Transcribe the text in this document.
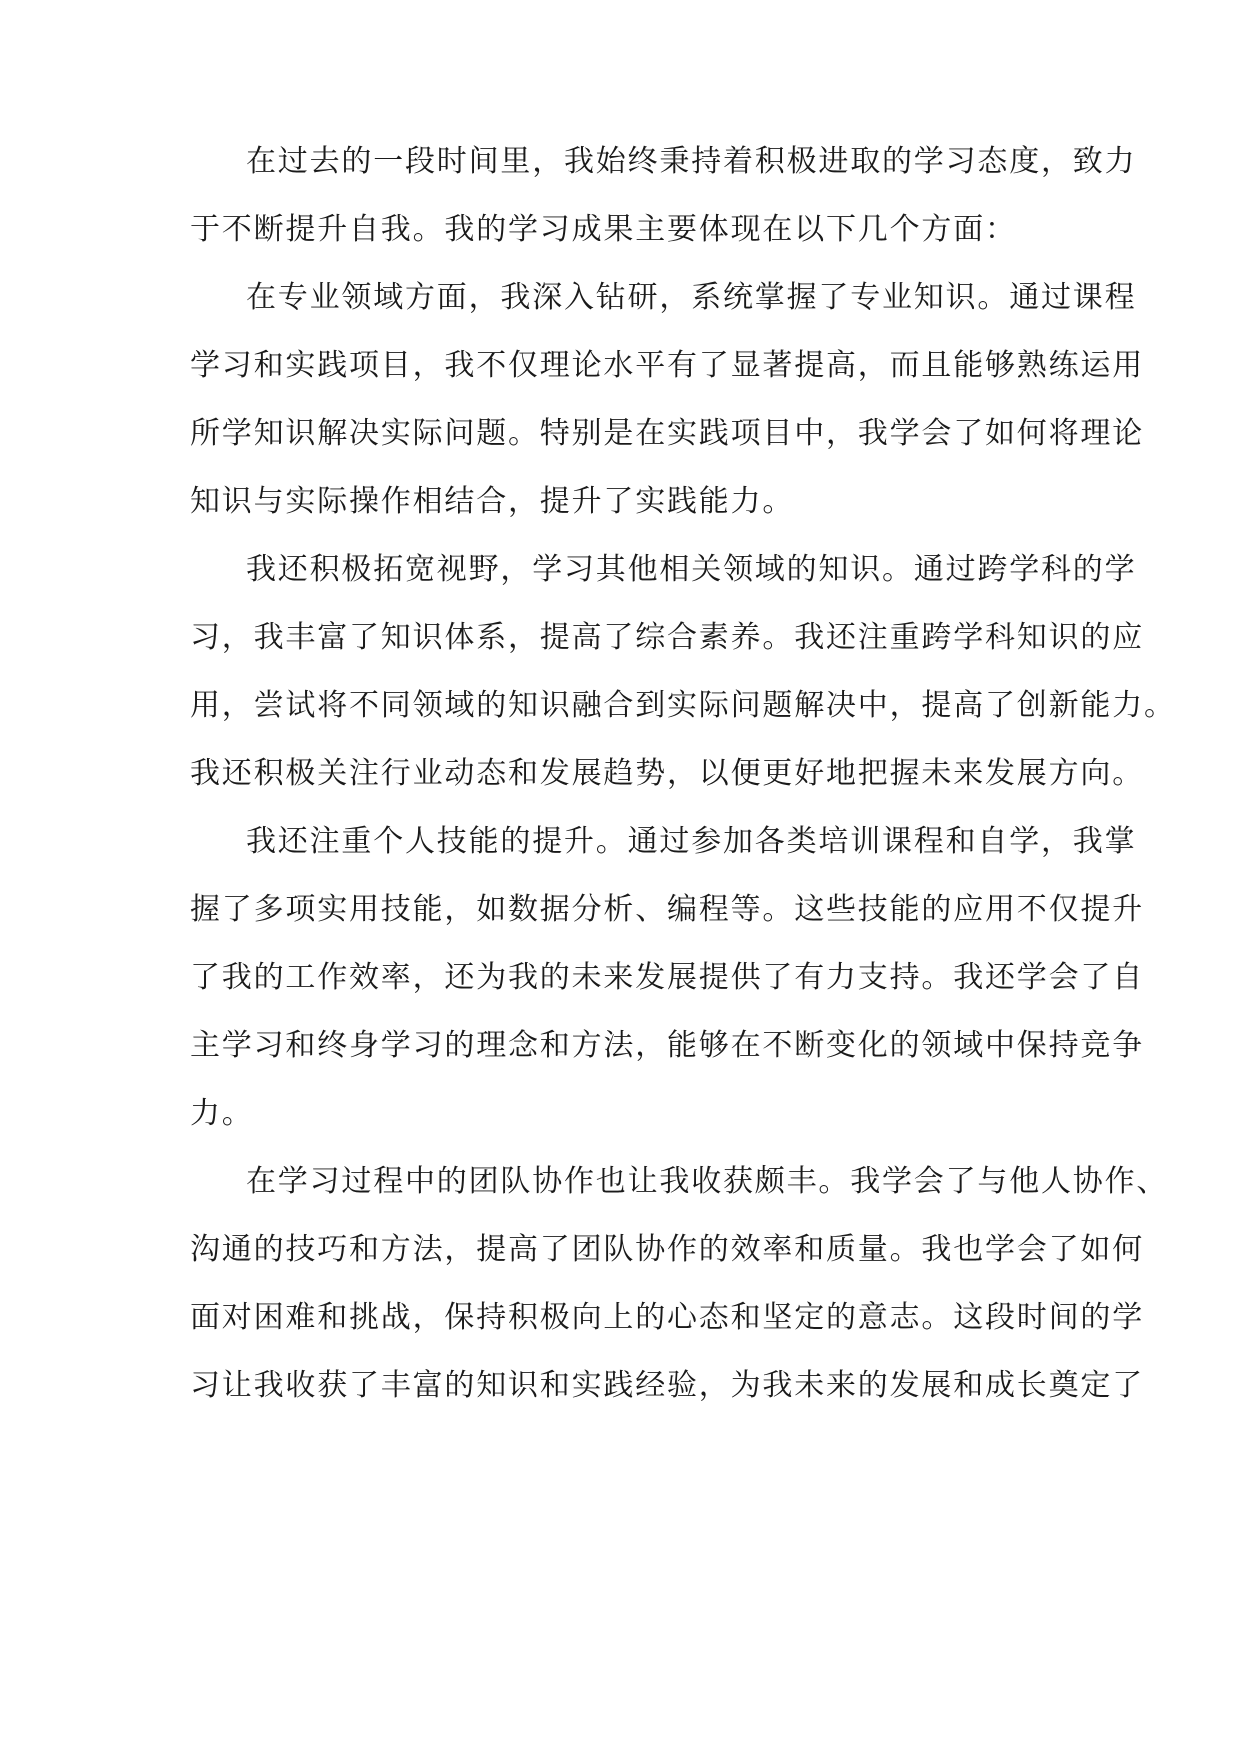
在过去的一段时间里，我始终秉持着积极进取的学习态度，致力
于不断提升自我。我的学习成果主要体现在以下几个方面：
在专业领域方面，我深入钻研，系统掌握了专业知识。通过课程
学习和实践项目，我不仅理论水平有了显著提高，而且能够熟练运用
所学知识解决实际问题。特别是在实践项目中，我学会了如何将理论
知识与实际操作相结合，提升了实践能力。
我还积极拓宽视野，学习其他相关领域的知识。通过跨学科的学
习，我丰富了知识体系，提高了综合素养。我还注重跨学科知识的应
用，尝试将不同领域的知识融合到实际问题解决中，提高了创新能力。
我还积极关注行业动态和发展趋势，以便更好地把握未来发展方向。
我还注重个人技能的提升。通过参加各类培训课程和自学，我掌
握了多项实用技能，如数据分析、编程等。这些技能的应用不仅提升
了我的工作效率，还为我的未来发展提供了有力支持。我还学会了自
主学习和终身学习的理念和方法，能够在不断变化的领域中保持竞争
力。
在学习过程中的团队协作也让我收获颇丰。我学会了与他人协作、
沟通的技巧和方法，提高了团队协作的效率和质量。我也学会了如何
面对困难和挑战，保持积极向上的心态和坚定的意志。这段时间的学
习让我收获了丰富的知识和实践经验，为我未来的发展和成长奠定了
